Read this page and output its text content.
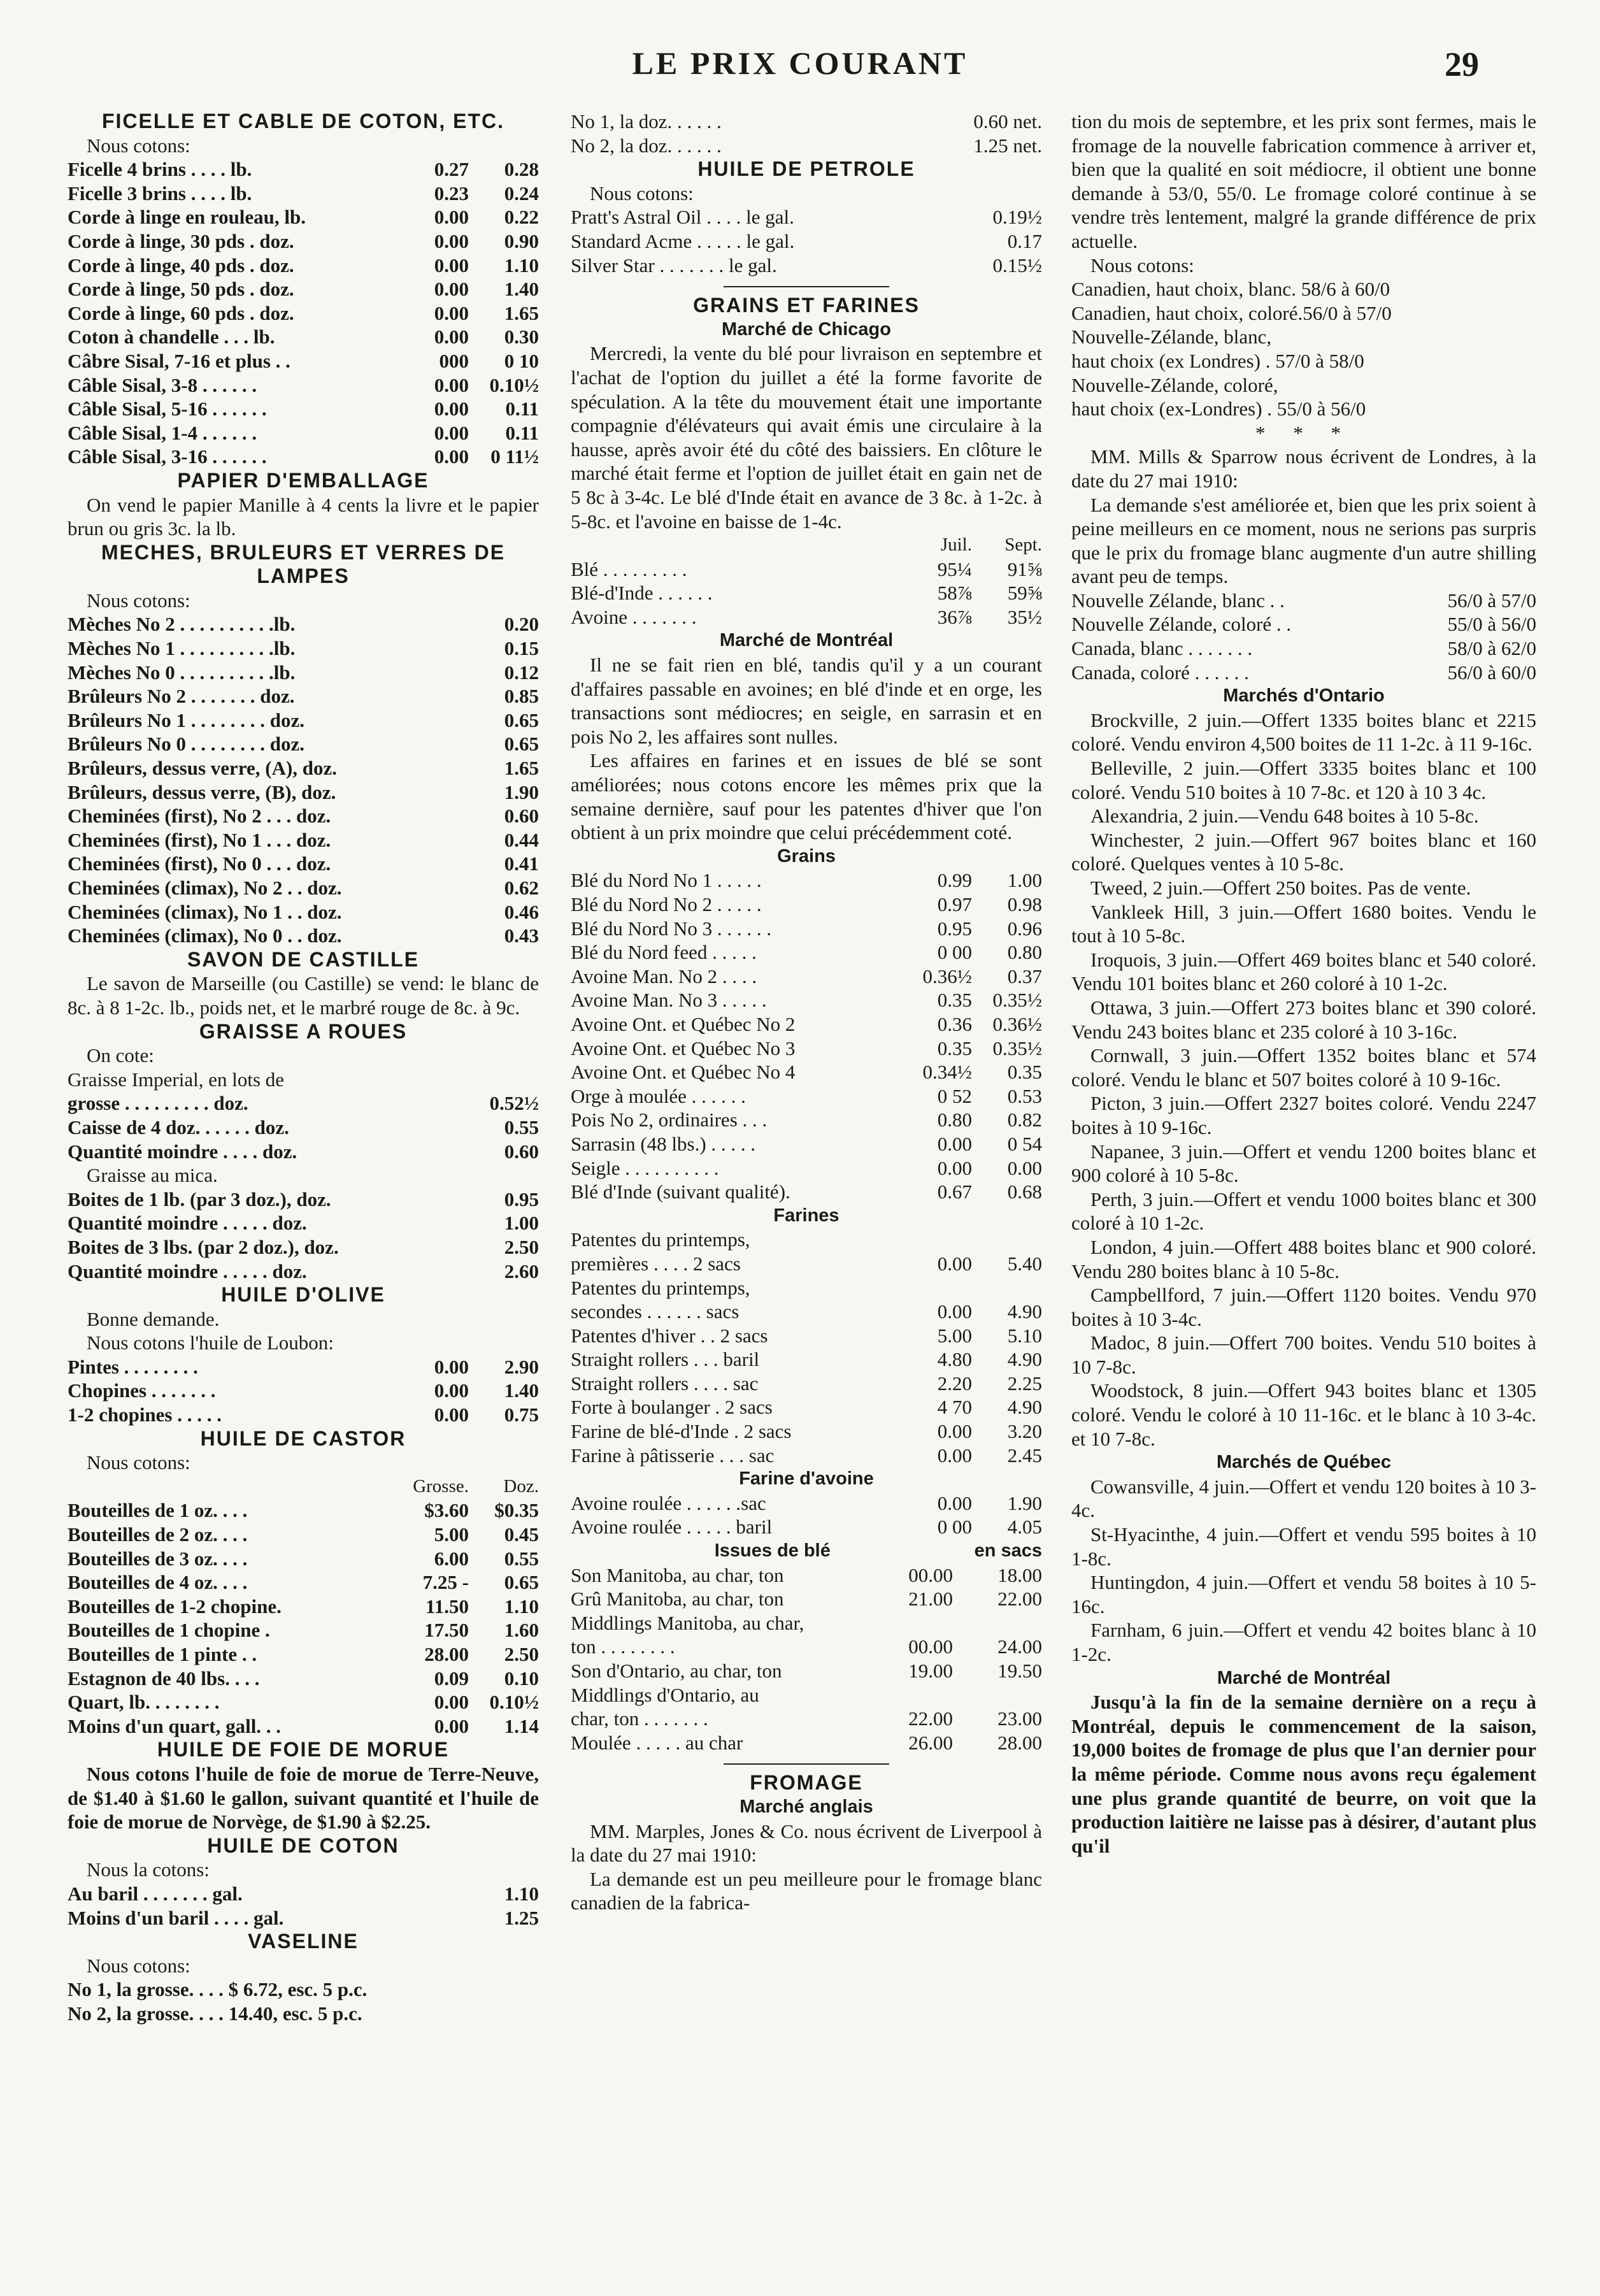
LE PRIX COURANT	29

FICELLE ET CABLE DE COTON, ETC.

Nous cotons:

Ficelle 4 brins . . . . lb.	0.27	0.28
Ficelle 3 brins . . . . lb.	0.23	0.24
Corde à linge en rouleau, lb.	0.00	0.22
Corde à linge, 30 pds . doz.	0.00	0.90
Corde à linge, 40 pds . doz.	0.00	1.10
Corde à linge, 50 pds . doz.	0.00	1.40
Corde à linge, 60 pds . doz.	0.00	1.65
Coton à chandelle . . . lb.	0.00	0.30
Câbre Sisal, 7-16 et plus . .	000	0 10
Câble Sisal, 3-8 . . . . . .	0.00	0.10½
Câble Sisal, 5-16 . . . . . .	0.00	0.11
Câble Sisal, 1-4 . . . . . .	0.00	0.11
Câble Sisal, 3-16 . . . . . .	0.00	0 11½

PAPIER D'EMBALLAGE

On vend le papier Manille à 4 cents la livre et le papier brun ou gris 3c. la lb.

MECHES, BRULEURS ET VERRES DE LAMPES

Nous cotons:

Mèches No 2 . . . . . . . . . .lb.	0.20
Mèches No 1 . . . . . . . . . .lb.	0.15
Mèches No 0 . . . . . . . . . .lb.	0.12
Brûleurs No 2 . . . . . . . doz.	0.85
Brûleurs No 1 . . . . . . . . doz.	0.65
Brûleurs No 0 . . . . . . . . doz.	0.65
Brûleurs, dessus verre, (A), doz.	1.65
Brûleurs, dessus verre, (B), doz.	1.90
Cheminées (first), No 2 . . . doz.	0.60
Cheminées (first), No 1 . . . doz.	0.44
Cheminées (first), No 0 . . . doz.	0.41
Cheminées (climax), No 2 . . doz.	0.62
Cheminées (climax), No 1 . . doz.	0.46
Cheminées (climax), No 0 . . doz.	0.43

SAVON DE CASTILLE

Le savon de Marseille (ou Castille) se vend: le blanc de 8c. à 8 1-2c. lb., poids net, et le marbré rouge de 8c. à 9c.

GRAISSE A ROUES

On cote:

Graisse Imperial, en lots de

grosse . . . . . . . . . doz.	0.52½
Caisse de 4 doz. . . . . . doz.	0.55
Quantité moindre . . . . doz.	0.60

Graisse au mica.

Boites de 1 lb. (par 3 doz.), doz.	0.95
Quantité moindre . . . . . doz.	1.00
Boites de 3 lbs. (par 2 doz.), doz.	2.50
Quantité moindre . . . . . doz.	2.60

HUILE D'OLIVE

Bonne demande.

Nous cotons l'huile de Loubon:

Pintes . . . . . . . .	0.00	2.90
Chopines . . . . . . .	0.00	1.40
1-2 chopines . . . . .	0.00	0.75

HUILE DE CASTOR

Nous cotons:

Grosse.	Doz.
Bouteilles de 1 oz. . . .	$3.60	$0.35
Bouteilles de 2 oz. . . .	5.00	0.45
Bouteilles de 3 oz. . . .	6.00	0.55
Bouteilles de 4 oz. . . .	7.25 -	0.65
Bouteilles de 1-2 chopine.	11.50	1.10
Bouteilles de 1 chopine .	17.50	1.60
Bouteilles de 1 pinte . .	28.00	2.50
Estagnon de 40 lbs. . . .	0.09	0.10
Quart, lb. . . . . . . .	0.00	0.10½
Moins d'un quart, gall. . .	0.00	1.14

HUILE DE FOIE DE MORUE

Nous cotons l'huile de foie de morue de Terre-Neuve, de $1.40 à $1.60 le gallon, suivant quantité et l'huile de foie de morue de Norvège, de $1.90 à $2.25.

HUILE DE COTON

Nous la cotons:

Au baril . . . . . . . gal.	1.10
Moins d'un baril . . . . gal.	1.25

VASELINE

Nous cotons:

No 1, la grosse. . . . $ 6.72, esc. 5 p.c.
No 2, la grosse. . . . 14.40, esc. 5 p.c.
No 1, la doz. . . . . .	0.60 net.
No 2, la doz. . . . . .	1.25 net.

HUILE DE PETROLE

Nous cotons:

Pratt's Astral Oil . . . . le gal.	0.19½
Standard Acme . . . . . le gal.	0.17
Silver Star . . . . . . . le gal.	0.15½

GRAINS ET FARINES

Marché de Chicago

Mercredi, la vente du blé pour livraison en septembre et l'achat de l'option du juillet a été la forme favorite de spéculation. A la tête du mouvement était une importante compagnie d'élévateurs qui avait émis une circulaire à la hausse, après avoir été du côté des baissiers. En clôture le marché était ferme et l'option de juillet était en gain net de 5 8c à 3-4c. Le blé d'Inde était en avance de 3 8c. à 1-2c. à 5-8c. et l'avoine en baisse de 1-4c.

Juil.	Sept.
Blé . . . . . . . . .	95¼	91⅝
Blé-d'Inde . . . . . .	58⅞	59⅝
Avoine . . . . . . .	36⅞	35½

Marché de Montréal

Il ne se fait rien en blé, tandis qu'il y a un courant d'affaires passable en avoines; en blé d'inde et en orge, les transactions sont médiocres; en seigle, en sarrasin et en pois No 2, les affaires sont nulles.

Les affaires en farines et en issues de blé se sont améliorées; nous cotons encore les mêmes prix que la semaine dernière, sauf pour les patentes d'hiver que l'on obtient à un prix moindre que celui précédemment coté.

Grains

Blé du Nord No 1 . . . . .	0.99	1.00
Blé du Nord No 2 . . . . .	0.97	0.98
Blé du Nord No 3 . . . . . .	0.95	0.96
Blé du Nord feed . . . . .	0 00	0.80
Avoine Man. No 2 . . . .	0.36½	0.37
Avoine Man. No 3 . . . . .	0.35	0.35½
Avoine Ont. et Québec No 2	0.36	0.36½
Avoine Ont. et Québec No 3	0.35	0.35½
Avoine Ont. et Québec No 4	0.34½	0.35
Orge à moulée . . . . . .	0 52	0.53
Pois No 2, ordinaires . . .	0.80	0.82
Sarrasin (48 lbs.) . . . . .	0.00	0 54
Seigle . . . . . . . . . .	0.00	0.00
Blé d'Inde (suivant qualité).	0.67	0.68

Farines

Patentes du printemps,
premières . . . . 2 sacs	0.00	5.40
Patentes du printemps,
secondes . . . . . . sacs	0.00	4.90
Patentes d'hiver . . 2 sacs	5.00	5.10
Straight rollers . . . baril	4.80	4.90
Straight rollers . . . . sac	2.20	2.25
Forte à boulanger . 2 sacs	4 70	4.90
Farine de blé-d'Inde . 2 sacs	0.00	3.20
Farine à pâtisserie . . . sac	0.00	2.45

Farine d'avoine

Avoine roulée . . . . . .sac	0.00	1.90
Avoine roulée . . . . . baril	0 00	4.05
Issues de blé	en sacs
Son Manitoba, au char, ton	00.00	18.00
Grû Manitoba, au char, ton	21.00	22.00
Middlings Manitoba, au char,
ton . . . . . . . .	00.00	24.00
Son d'Ontario, au char, ton	19.00	19.50
Middlings d'Ontario, au
char, ton . . . . . . .	22.00	23.00
Moulée . . . . . au char	26.00	28.00

FROMAGE

Marché anglais

MM. Marples, Jones & Co. nous écrivent de Liverpool à la date du 27 mai 1910:

La demande est un peu meilleure pour le fromage blanc canadien de la fabrica-

tion du mois de septembre, et les prix sont fermes, mais le fromage de la nouvelle fabrication commence à arriver et, bien que la qualité en soit médiocre, il obtient une bonne demande à 53/0, 55/0. Le fromage coloré continue à se vendre très lentement, malgré la grande différence de prix actuelle.

Nous cotons:

Canadien, haut choix, blanc. 58/6 à 60/0
Canadien, haut choix, coloré.56/0 à 57/0
Nouvelle-Zélande, blanc,
haut choix (ex Londres) . 57/0 à 58/0
Nouvelle-Zélande, coloré,
haut choix (ex-Londres) . 55/0 à 56/0

* * *

MM. Mills & Sparrow nous écrivent de Londres, à la date du 27 mai 1910:

La demande s'est améliorée et, bien que les prix soient à peine meilleurs en ce moment, nous ne serions pas surpris que le prix du fromage blanc augmente d'un autre shilling avant peu de temps.

Nouvelle Zélande, blanc . .	56/0 à 57/0
Nouvelle Zélande, coloré . .	55/0 à 56/0
Canada, blanc . . . . . . .	58/0 à 62/0
Canada, coloré . . . . . .	56/0 à 60/0

Marchés d'Ontario

Brockville, 2 juin.—Offert 1335 boites blanc et 2215 coloré. Vendu environ 4,500 boites de 11 1-2c. à 11 9-16c.

Belleville, 2 juin.—Offert 3335 boites blanc et 100 coloré. Vendu 510 boites à 10 7-8c. et 120 à 10 3 4c.

Alexandria, 2 juin.—Vendu 648 boites à 10 5-8c.

Winchester, 2 juin.—Offert 967 boites blanc et 160 coloré. Quelques ventes à 10 5-8c.

Tweed, 2 juin.—Offert 250 boites. Pas de vente.

Vankleek Hill, 3 juin.—Offert 1680 boites. Vendu le tout à 10 5-8c.

Iroquois, 3 juin.—Offert 469 boites blanc et 540 coloré. Vendu 101 boites blanc et 260 coloré à 10 1-2c.

Ottawa, 3 juin.—Offert 273 boites blanc et 390 coloré. Vendu 243 boites blanc et 235 coloré à 10 3-16c.

Cornwall, 3 juin.—Offert 1352 boites blanc et 574 coloré. Vendu le blanc et 507 boites coloré à 10 9-16c.

Picton, 3 juin.—Offert 2327 boites coloré. Vendu 2247 boites à 10 9-16c.

Napanee, 3 juin.—Offert et vendu 1200 boites blanc et 900 coloré à 10 5-8c.

Perth, 3 juin.—Offert et vendu 1000 boites blanc et 300 coloré à 10 1-2c.

London, 4 juin.—Offert 488 boites blanc et 900 coloré. Vendu 280 boites blanc à 10 5-8c.

Campbellford, 7 juin.—Offert 1120 boites. Vendu 970 boites à 10 3-4c.

Madoc, 8 juin.—Offert 700 boites. Vendu 510 boites à 10 7-8c.

Woodstock, 8 juin.—Offert 943 boites blanc et 1305 coloré. Vendu le coloré à 10 11-16c. et le blanc à 10 3-4c. et 10 7-8c.

Marchés de Québec

Cowansville, 4 juin.—Offert et vendu 120 boites à 10 3-4c.

St-Hyacinthe, 4 juin.—Offert et vendu 595 boites à 10 1-8c.

Huntingdon, 4 juin.—Offert et vendu 58 boites à 10 5-16c.

Farnham, 6 juin.—Offert et vendu 42 boites blanc à 10 1-2c.

Marché de Montréal

Jusqu'à la fin de la semaine dernière on a reçu à Montréal, depuis le commencement de la saison, 19,000 boites de fromage de plus que l'an dernier pour la même période. Comme nous avons reçu également une plus grande quantité de beurre, on voit que la production laitière ne laisse pas à désirer, d'autant plus qu'il
